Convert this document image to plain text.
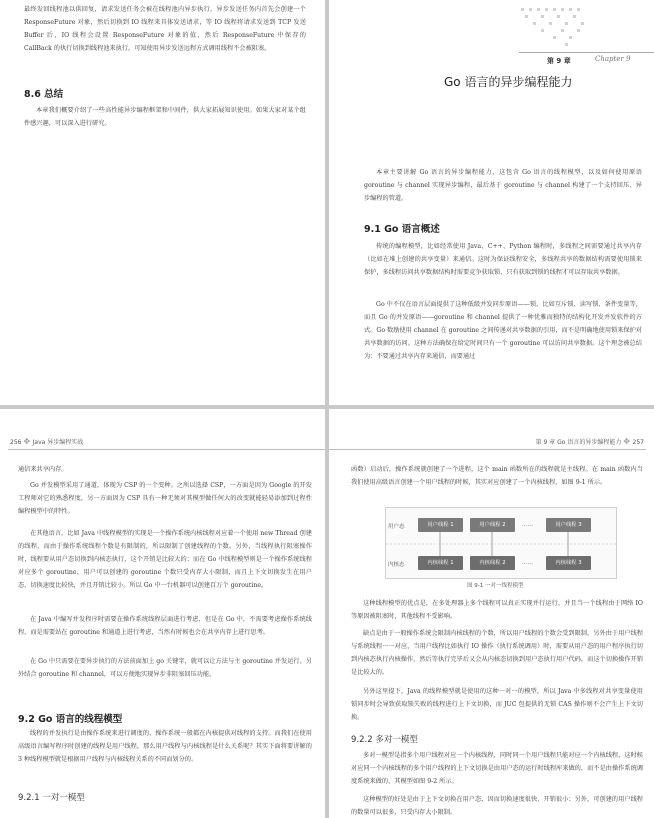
最终发回线程池以供回复，请求发送任务会被在线程池内异步执行，异步发送任务内首先会创建一个 ResponseFuture 对象，然后切换到 IO 线程来具体发送请求，等 IO 线程将请求发送到 TCP 发送 Buffer 后，IO 线程会设置 ResponseFuture 对象的值，然后 ResponseFuture 中保存的 CallBack 的执行切换到线程池来执行，可知使用异步发送远程方式调用线程不会被阻塞。
8.6 总结
本章我们概要介绍了一些高性能异步编程框架和中间件，供大家拓展知识使用。如果大家对某个组件感兴趣，可以深入进行研究。
第 9 章	Chapter 9
Go 语言的异步编程能力
本章主要讲解 Go 语言的异步编程能力，这包含 Go 语言的线程模型，以及如何使用原语 goroutine 与 channel 实现异步编程，最后基于 goroutine 与 channel 构建了一个支持回压、异步编程的管道。
9.1 Go 语言概述
传统的编程模型，比如经常使用 Java、C++、Python 编程时，多线程之间需要通过共享内存（比如在堆上创建的共享变量）来通信。这时为保证线程安全，多线程共享的数据结构需要使用锁来保护，多线程访问共享数据结构时需要竞争获取锁，只有获取到锁的线程才可以存取共享数据。
Go 中不仅在语言层面提供了这种低级并发同步原语——锁，比如互斥锁、读写锁、条件变量等，而且 Go 的并发原语——goroutine 和 channel 提供了一种优雅而独特的结构化开发并发软件的方式。Go 数励使用 channel 在 goroutine 之间传递对共享数据的引用，而不是明确地使用锁来保护对共享数据的访问。这种方法确保在给定时间只有一个 goroutine 可以访问共享数据。这个理念被总结为：不要通过共享内存来通信，而要通过
256 ✥ Java 异步编程实战
通信来共享内存。
Go 并发模型采用了通道，体现为 CSP 的一个变种。之所以选择 CSP，一方面是因为 Google 的开发工程师对它的熟悉程度，另一方面因为 CSP 具有一种无须对其模型做任何大的改变就能轻易添加到过程性编程模型中的特性。
在其他语言，比如 Java 中线程模型的实现是一个操作系统内核线程对应着一个使用 new Thread 创建的线程，而由于操作系统线程个数是有限制的，所以限制了创建线程的个数。另外，当线程执行阻塞操作时，线程要从用户态切换到内核态执行，这个开销是比较大的；而在 Go 中线程模型则是一个操作系统线程对应多个 goroutine，用户可以创建的 goroutine 个数只受内存大小限制，而且上下文切换发生在用户态，切换速度比较快，并且开销比较小。所以 Go 中一台机器可以创建百万个 goroutine。
在 Java 中编写并发程序时需要在操作系统线程层面进行考虑，但是在 Go 中，不需要考虑操作系统线程，而是需要站在 goroutine 和通道上进行考虑，当然有时候也会在共享内存上进行思考。
在 Go 中只需要在要异步执行的方法前面加上 go 关键字，就可以让方法与主 goroutine 并发运行。另外结合 goroutine 和 channel，可以方便地实现异步非阻塞回压功能。
9.2 Go 语言的线程模型
线程的并发执行是由操作系统来进行调度的，操作系统一般都在内核提供对线程的支持。而我们在使用高级语言编写程序时创建的线程是用户线程，那么用户线程与内核线程是什么关系呢？其实下面将要讲解的 3 种线程模型就是根据用户线程与内核线程关系的不同而划分的。
9.2.1 一对一模型
第 9 章 Go 语言的异步编程能力 ✥ 257
函数）启动后，操作系统就创建了一个进程，这个 main 函数所在的线程就是主线程。在 main 函数内当我们使用高级语言创建一个用户线程的时候，其实对应创建了一个内核线程，如图 9-1 所示。
用户态
内核态
用户线程 1	用户线程 2	……	用户线程 3
内核线程 1	内核线程 2	……	内核线程 3
图 9-1 一对一线程模型
这种线程模型的优点是，在多处理器上多个线程可以真正实现并行运行，并且当一个线程由于网络 IO 等原因被阻塞时，其他线程不受影响。
缺点是由于一般操作系统会限制内核线程的个数，所以用户线程的个数会受到限制。另外由于用户线程与系统线程一一对应，当用户线程比如执行 IO 操作（执行系统调用）时，需要从用户态的用户程序执行切到内核态执行内核操作，然后等执行完毕后又会从内核态切换到用户态执行用户代码，而这个切换操作开销是比较大的。
另外这里提下，Java 的线程模型就是使用的这种一对一的模型，所以 Java 中多线程对共享变量使用锁同步时会导致获取锁失败的线程进行上下文切换，而 JUC 包提供的无锁 CAS 操作则不会产生上下文切换。
9.2.2 多对一模型
多对一模型是指多个用户线程对应一个内核线程，同时同一个用户线程只能对应一个内核线程，这时候对应同一个内核线程的多个用户线程的上下文切换是由用户态的运行时线程库来做的，而不是由操作系统调度系统来做的，其模型如图 9-2 所示。
这种模型的好处是由于上下文切换在用户态，因而切换速度很快，开销很小；另外，可创建的用户线程的数量可以很多，只受内存大小限制。
